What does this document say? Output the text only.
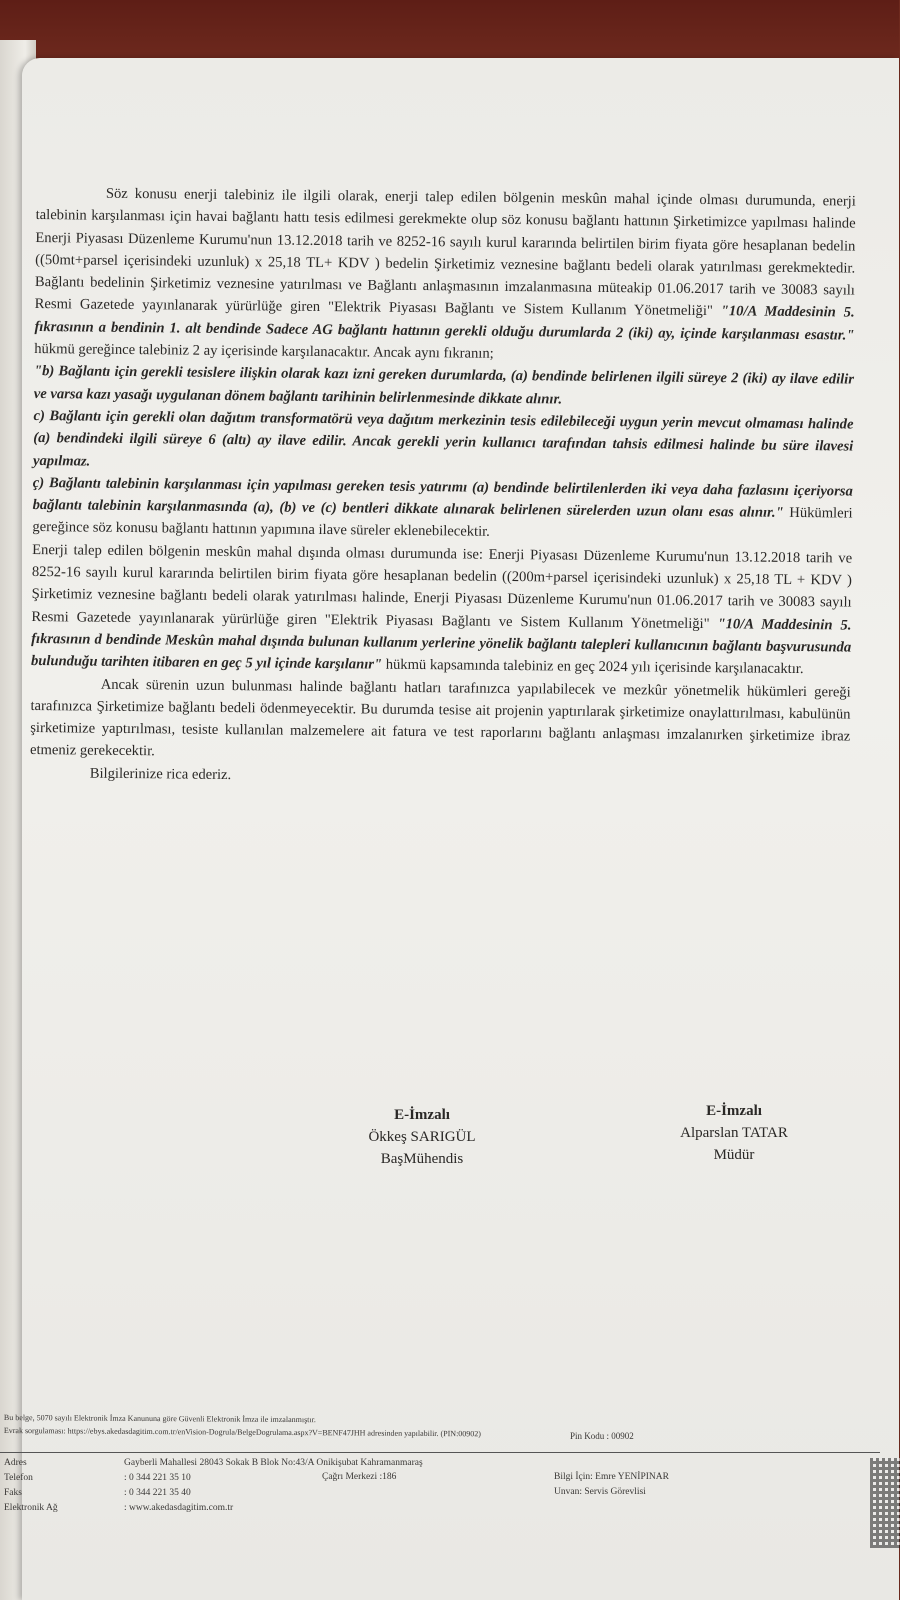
Söz konusu enerji talebiniz ile ilgili olarak, enerji talep edilen bölgenin meskûn mahal içinde olması durumunda, enerji talebinin karşılanması için havai bağlantı hattı tesis edilmesi gerekmekte olup söz konusu bağlantı hattının Şirketimizce yapılması halinde Enerji Piyasası Düzenleme Kurumu'nun 13.12.2018 tarih ve 8252-16 sayılı kurul kararında belirtilen birim fiyata göre hesaplanan bedelin ((50mt+parsel içerisindeki uzunluk) x 25,18 TL+ KDV ) bedelin Şirketimiz veznesine bağlantı bedeli olarak yatırılması gerekmektedir. Bağlantı bedelinin Şirketimiz veznesine yatırılması ve Bağlantı anlaşmasının imzalanmasına müteakip 01.06.2017 tarih ve 30083 sayılı Resmi Gazetede yayınlanarak yürürlüğe giren "Elektrik Piyasası Bağlantı ve Sistem Kullanım Yönetmeliği" "10/A Maddesinin 5. fıkrasının a bendinin 1. alt bendinde Sadece AG bağlantı hattının gerekli olduğu durumlarda 2 (iki) ay, içinde karşılanması esastır." hükmü gereğince talebiniz 2 ay içerisinde karşılanacaktır. Ancak aynı fıkranın;

"b) Bağlantı için gerekli tesislere ilişkin olarak kazı izni gereken durumlarda, (a) bendinde belirlenen ilgili süreye 2 (iki) ay ilave edilir ve varsa kazı yasağı uygulanan dönem bağlantı tarihinin belirlenmesinde dikkate alınır.

c) Bağlantı için gerekli olan dağıtım transformatörü veya dağıtım merkezinin tesis edilebileceği uygun yerin mevcut olmaması halinde (a) bendindeki ilgili süreye 6 (altı) ay ilave edilir. Ancak gerekli yerin kullanıcı tarafından tahsis edilmesi halinde bu süre ilavesi yapılmaz.

ç) Bağlantı talebinin karşılanması için yapılması gereken tesis yatırımı (a) bendinde belirtilenlerden iki veya daha fazlasını içeriyorsa bağlantı talebinin karşılanmasında (a), (b) ve (c) bentleri dikkate alınarak belirlenen sürelerden uzun olanı esas alınır." Hükümleri gereğince söz konusu bağlantı hattının yapımına ilave süreler eklenebilecektir.

Enerji talep edilen bölgenin meskûn mahal dışında olması durumunda ise: Enerji Piyasası Düzenleme Kurumu'nun 13.12.2018 tarih ve 8252-16 sayılı kurul kararında belirtilen birim fiyata göre hesaplanan bedelin ((200m+parsel içerisindeki uzunluk) x 25,18 TL + KDV ) Şirketimiz veznesine bağlantı bedeli olarak yatırılması halinde, Enerji Piyasası Düzenleme Kurumu'nun 01.06.2017 tarih ve 30083 sayılı Resmi Gazetede yayınlanarak yürürlüğe giren "Elektrik Piyasası Bağlantı ve Sistem Kullanım Yönetmeliği" "10/A Maddesinin 5. fıkrasının d bendinde Meskûn mahal dışında bulunan kullanım yerlerine yönelik bağlantı talepleri kullanıcının bağlantı başvurusunda bulunduğu tarihten itibaren en geç 5 yıl içinde karşılanır" hükmü kapsamında talebiniz en geç 2024 yılı içerisinde karşılanacaktır.

Ancak sürenin uzun bulunması halinde bağlantı hatları tarafınızca yapılabilecek ve mezkûr yönetmelik hükümleri gereği tarafınızca Şirketimize bağlantı bedeli ödenmeyecektir. Bu durumda tesise ait projenin yaptırılarak şirketimize onaylattırılması, kabulünün şirketimize yaptırılması, tesiste kullanılan malzemelere ait fatura ve test raporlarını bağlantı anlaşması imzalanırken şirketimize ibraz etmeniz gerekecektir.

Bilgilerinize rica ederiz.

E-İmzalı
Ökkeş SARIGÜL
BaşMühendis
E-İmzalı
Alparslan TATAR
Müdür
Bu belge, 5070 sayılı Elektronik İmza Kanununa göre Güvenli Elektronik İmza ile imzalanmıştır.
Evrak sorgulaması: https://ebys.akedasdagitim.com.tr/enVision-Dogrula/BelgeDogrulama.aspx?V=BENF47JHH adresinden yapılabilir. (PIN:00902)	Pin Kodu : 00902
Adres	Gayberli Mahallesi 28043 Sokak B Blok No:43/A Onikişubat Kahramanmaraş
Telefon	: 0 344 221 35 10
Faks	: 0 344 221 35 40
Elektronik Ağ	: www.akedasdagitim.com.tr
Çağrı Merkezi :186	Bilgi İçin: Emre YENİPINAR
Unvan: Servis Görevlisi
